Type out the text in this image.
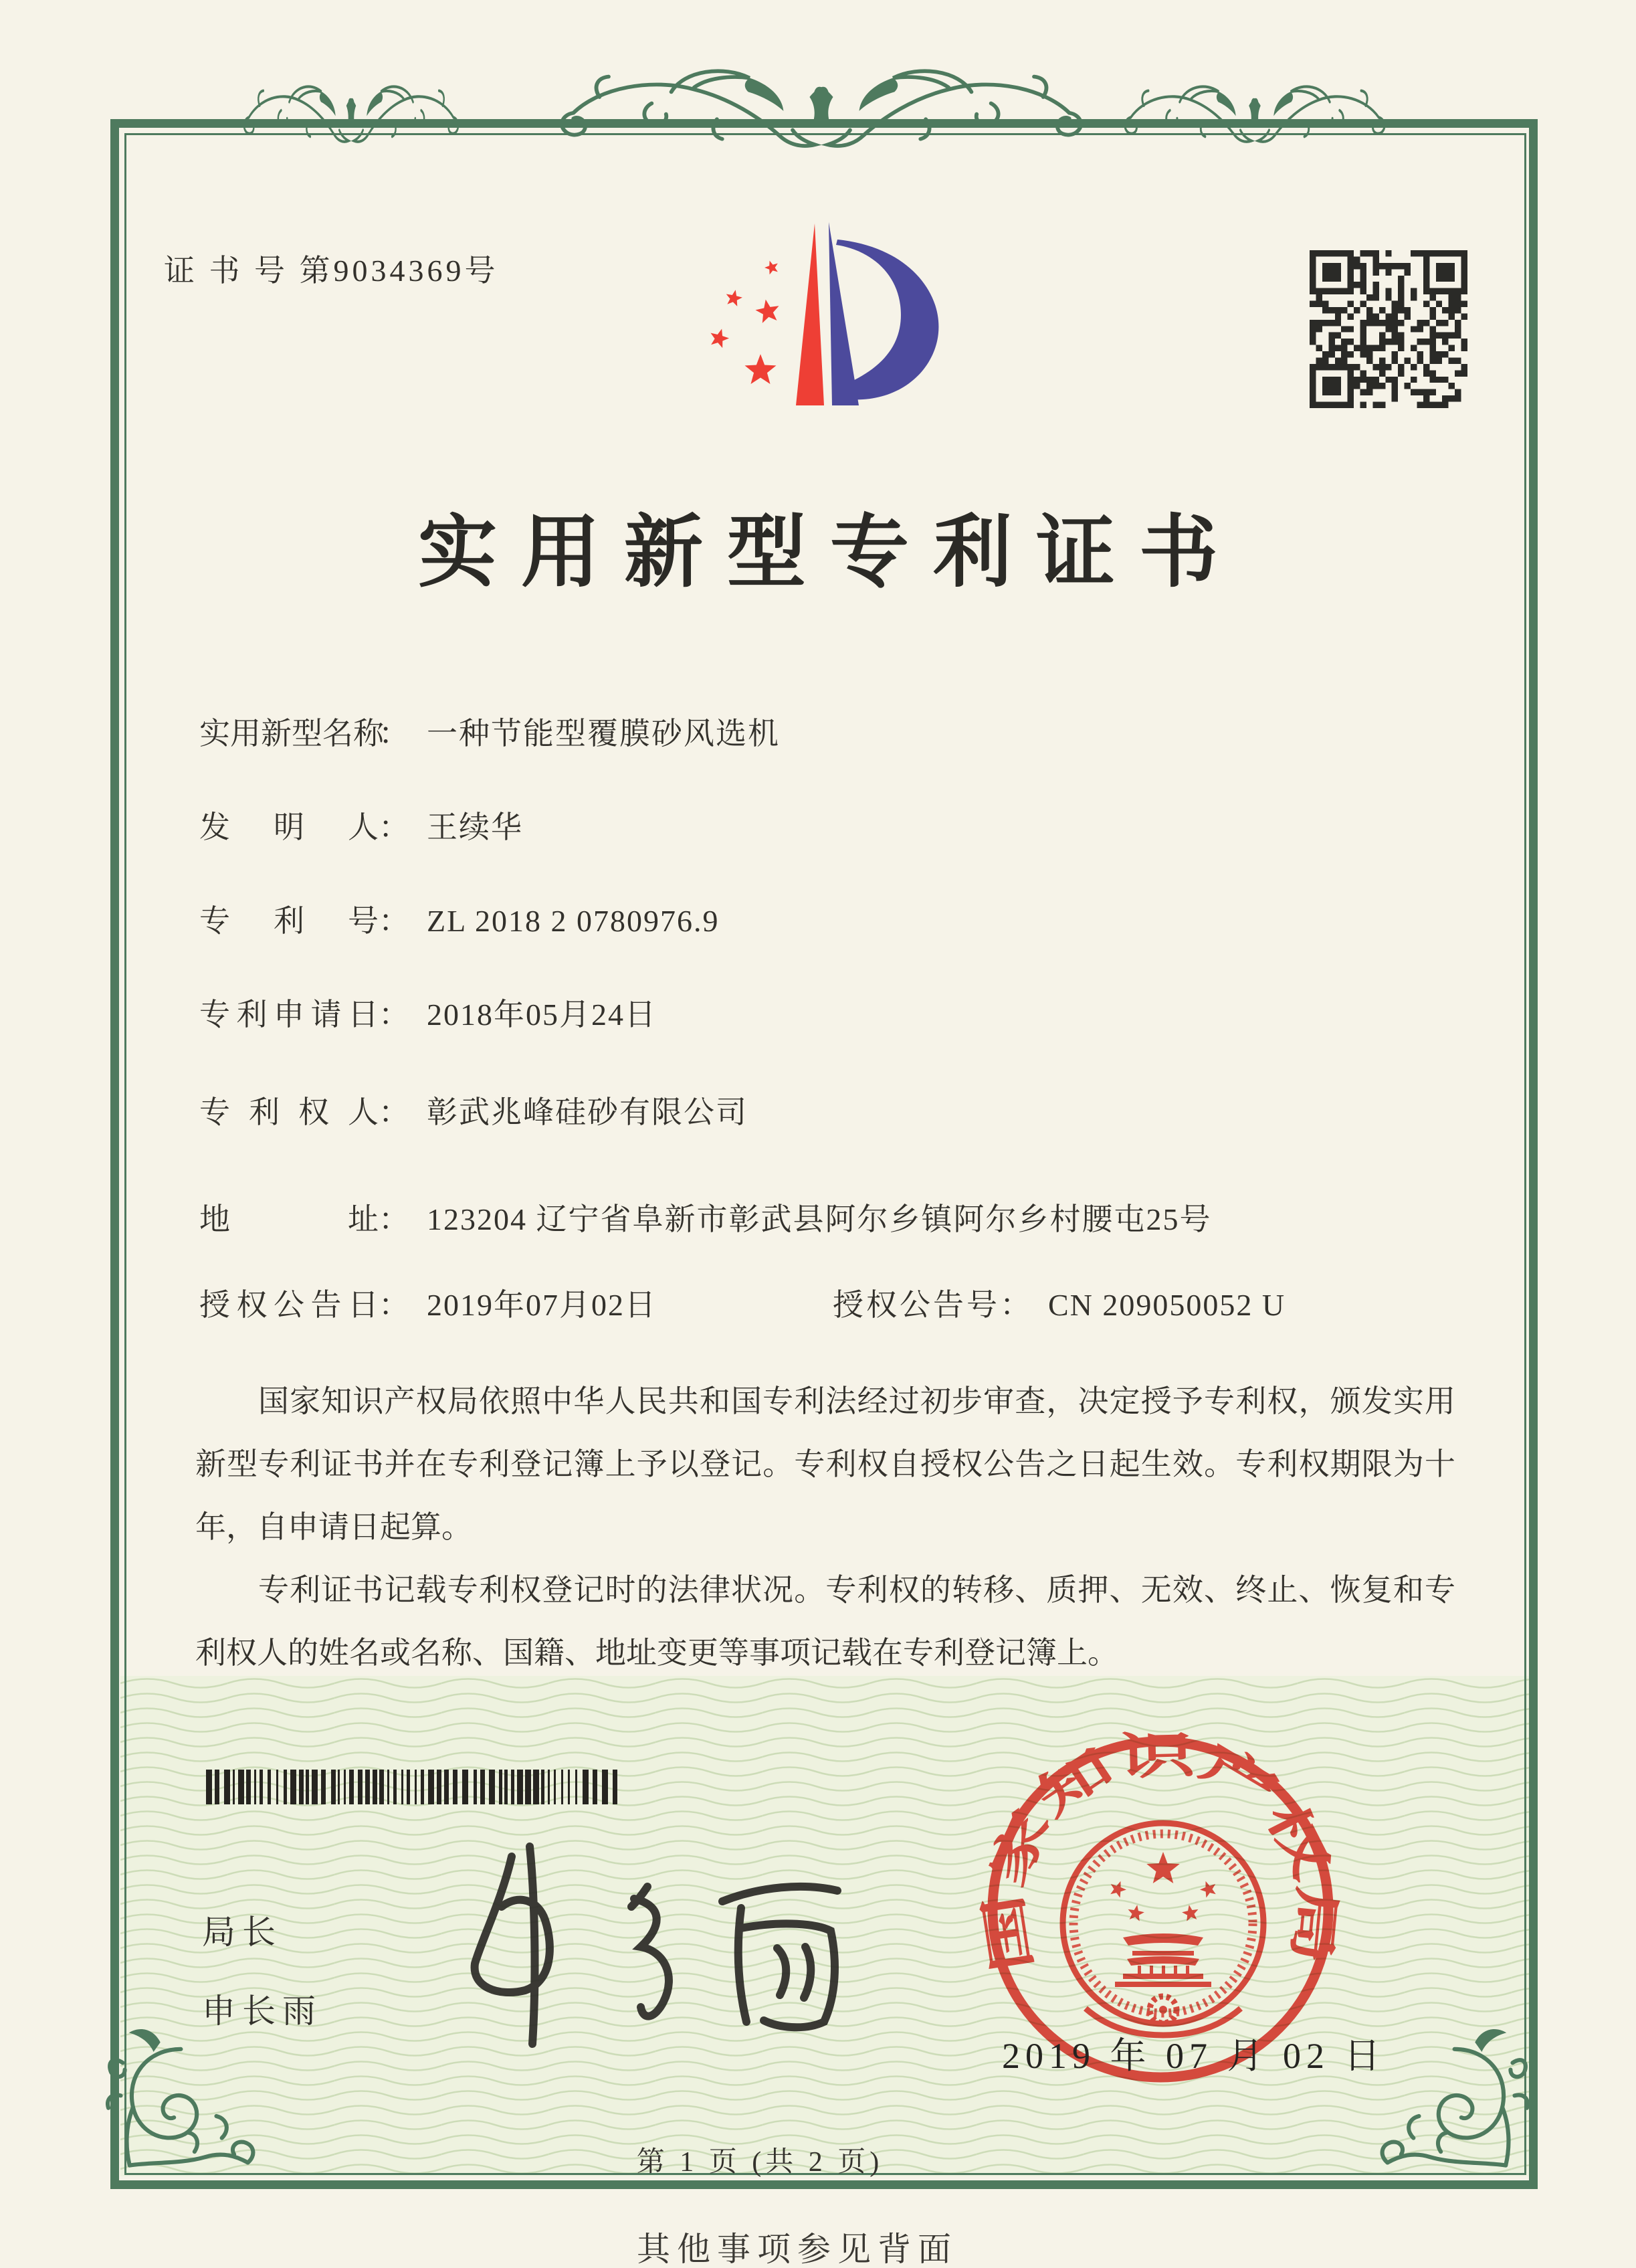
证 书 号 第9034369号
实用新型专利证书
实用新型名称： 一种节能型覆膜砂风选机
发明人： 王续华
专利号： ZL 2018 2 0780976.9
专利申请日： 2018年05月24日
专利权人： 彰武兆峰硅砂有限公司
地址： 123204 辽宁省阜新市彰武县阿尔乡镇阿尔乡村腰屯25号
授权公告日： 2019年07月02日	授权公告号： CN 209050052 U

国家知识产权局依照中华人民共和国专利法经过初步审查，决定授予专利权，颁发实用新型专利证书并在专利登记簿上予以登记。专利权自授权公告之日起生效。专利权期限为十年，自申请日起算。

专利证书记载专利权登记时的法律状况。专利权的转移、质押、无效、终止、恢复和专利权人的姓名或名称、国籍、地址变更等事项记载在专利登记簿上。

局长
申长雨
国家知识产权局
2019 年 07 月 02 日
第 1 页 (共 2 页)
其他事项参见背面
